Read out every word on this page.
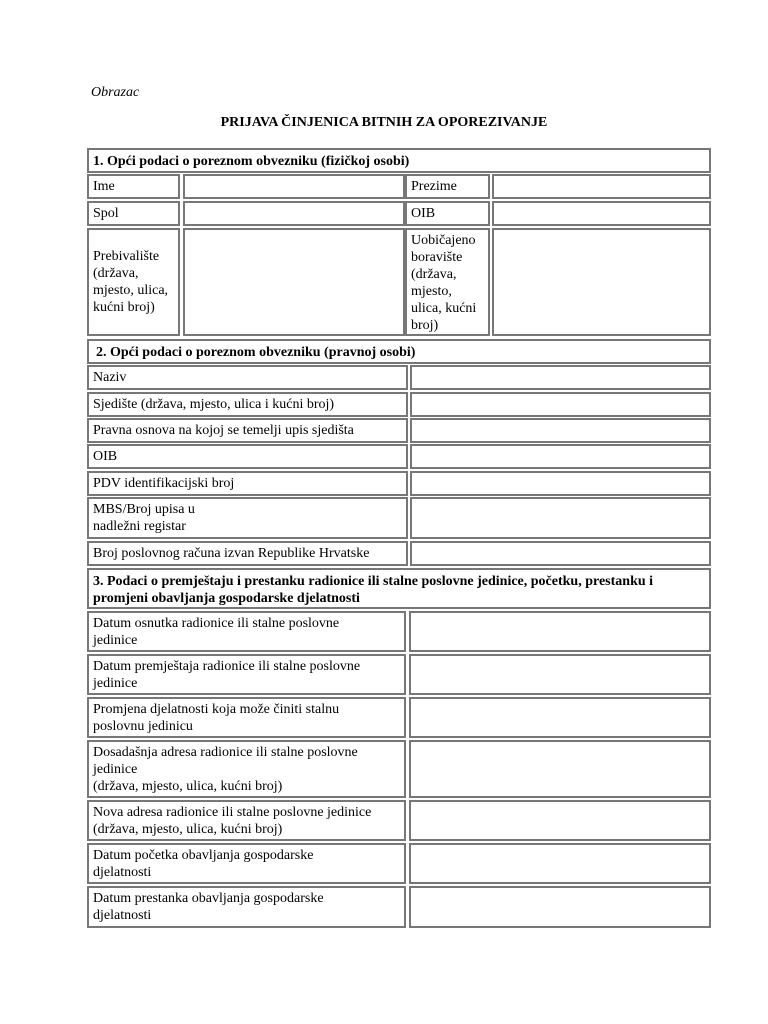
Obrazac
PRIJAVA ČINJENICA BITNIH ZA OPOREZIVANJE
1. Opći podaci o poreznom obvezniku (fizičkoj osobi)
Ime	Prezime
Spol	OIB
Prebivalište
(država,
mjesto, ulica,
kućni broj)
Uobičajeno
boravište
(država,
mjesto,
ulica, kućni
broj)
2. Opći podaci o poreznom obvezniku (pravnoj osobi)
Naziv
Sjedište (država, mjesto, ulica i kućni broj)
Pravna osnova na kojoj se temelji upis sjedišta
OIB
PDV identifikacijski broj
MBS/Broj upisa u
nadležni registar
Broj poslovnog računa izvan Republike Hrvatske
3. Podaci o premještaju i prestanku radionice ili stalne poslovne jedinice, početku, prestanku i promjeni obavljanja gospodarske djelatnosti
Datum osnutka radionice ili stalne poslovne
jedinice
Datum premještaja radionice ili stalne poslovne
jedinice
Promjena djelatnosti koja može činiti stalnu
poslovnu jedinicu
Dosadašnja adresa radionice ili stalne poslovne
jedinice
(država, mjesto, ulica, kućni broj)
Nova adresa radionice ili stalne poslovne jedinice
(država, mjesto, ulica, kućni broj)
Datum početka obavljanja gospodarske
djelatnosti
Datum prestanka obavljanja gospodarske
djelatnosti
